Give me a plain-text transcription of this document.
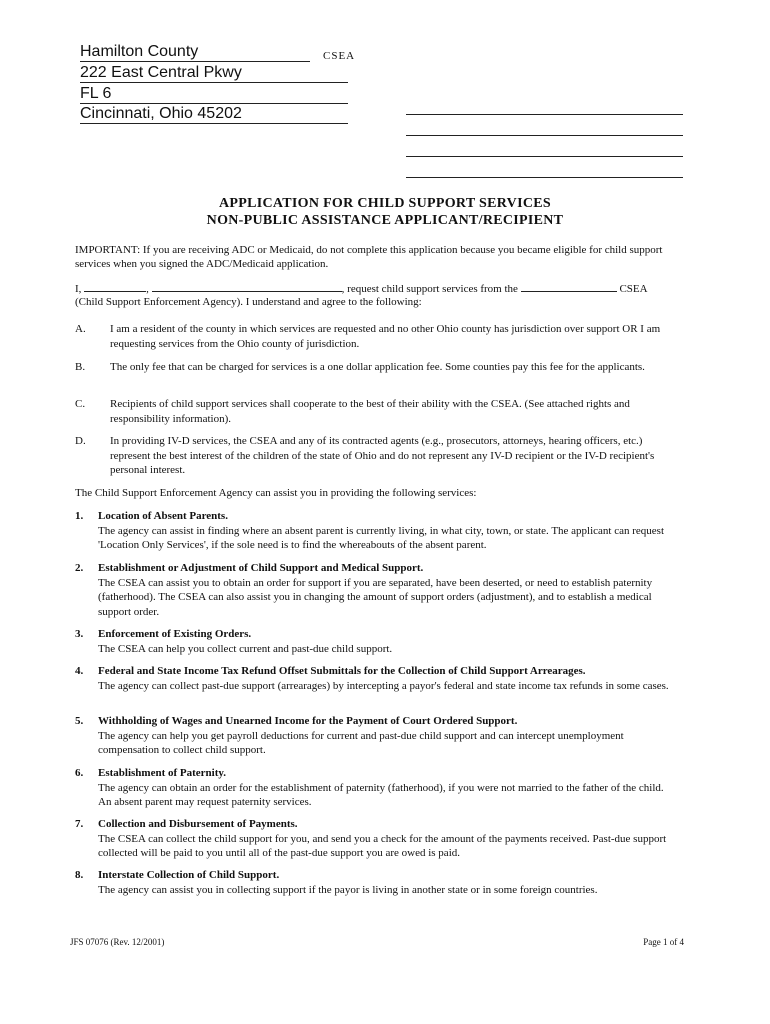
Hamilton County
222 East Central Pkwy
FL 6
Cincinnati, Ohio 45202
CSEA
APPLICATION FOR CHILD SUPPORT SERVICES
NON-PUBLIC ASSISTANCE APPLICANT/RECIPIENT
IMPORTANT: If you are receiving ADC or Medicaid, do not complete this application because you became eligible for child support services when you signed the ADC/Medicaid application.
I,	,	, request child support services from the	CSEA
(Child Support Enforcement Agency). I understand and agree to the following:
A. I am a resident of the county in which services are requested and no other Ohio county has jurisdiction over support OR I am requesting services from the Ohio county of jurisdiction.
B. The only fee that can be charged for services is a one dollar application fee. Some counties pay this fee for the applicants.
C. Recipients of child support services shall cooperate to the best of their ability with the CSEA. (See attached rights and responsibility information).
D. In providing IV-D services, the CSEA and any of its contracted agents (e.g., prosecutors, attorneys, hearing officers, etc.) represent the best interest of the children of the state of Ohio and do not represent any IV-D recipient or the IV-D recipient's personal interest.
The Child Support Enforcement Agency can assist you in providing the following services:
1. Location of Absent Parents.
The agency can assist in finding where an absent parent is currently living, in what city, town, or state. The applicant can request 'Location Only Services', if the sole need is to find the whereabouts of the absent parent.
2. Establishment or Adjustment of Child Support and Medical Support.
The CSEA can assist you to obtain an order for support if you are separated, have been deserted, or need to establish paternity (fatherhood). The CSEA can also assist you in changing the amount of support orders (adjustment), and to establish a medical support order.
3. Enforcement of Existing Orders.
The CSEA can help you collect current and past-due child support.
4. Federal and State Income Tax Refund Offset Submittals for the Collection of Child Support Arrearages.
The agency can collect past-due support (arrearages) by intercepting a payor's federal and state income tax refunds in some cases.
5. Withholding of Wages and Unearned Income for the Payment of Court Ordered Support.
The agency can help you get payroll deductions for current and past-due child support and can intercept unemployment compensation to collect child support.
6. Establishment of Paternity.
The agency can obtain an order for the establishment of paternity (fatherhood), if you were not married to the father of the child. An absent parent may request paternity services.
7. Collection and Disbursement of Payments.
The CSEA can collect the child support for you, and send you a check for the amount of the payments received. Past-due support collected will be paid to you until all of the past-due support you are owed is paid.
8. Interstate Collection of Child Support.
The agency can assist you in collecting support if the payor is living in another state or in some foreign countries.
JFS 07076 (Rev. 12/2001)	Page 1 of 4
